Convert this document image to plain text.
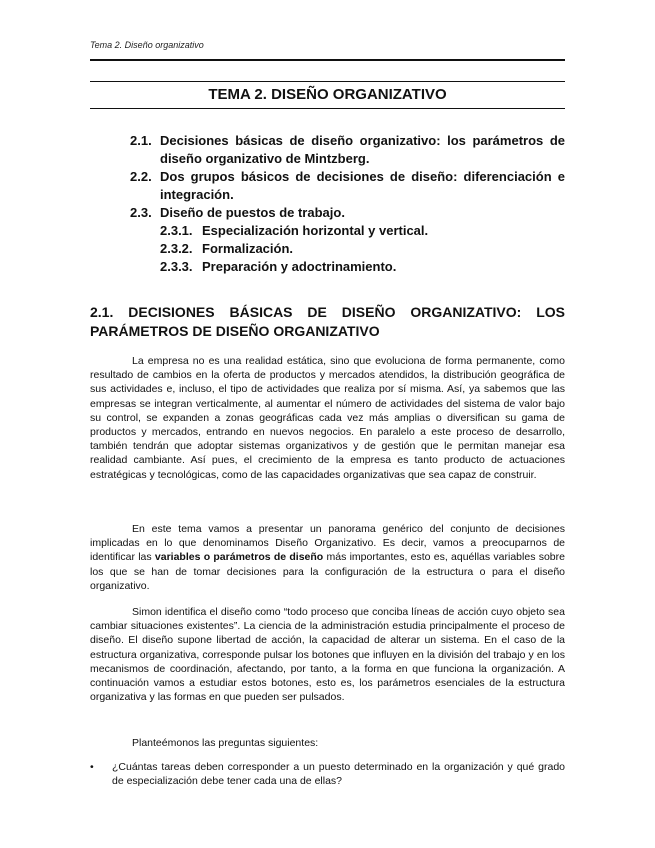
Tema 2. Diseño organizativo
TEMA 2. DISEÑO ORGANIZATIVO
2.1. Decisiones básicas de diseño organizativo: los parámetros de diseño organizativo de Mintzberg.
2.2. Dos grupos básicos de decisiones de diseño: diferenciación e integración.
2.3. Diseño de puestos de trabajo.
2.3.1. Especialización horizontal y vertical.
2.3.2. Formalización.
2.3.3. Preparación y adoctrinamiento.
2.1. DECISIONES BÁSICAS DE DISEÑO ORGANIZATIVO: LOS PARÁMETROS DE DISEÑO ORGANIZATIVO

La empresa no es una realidad estática, sino que evoluciona de forma permanente, como resultado de cambios en la oferta de productos y mercados atendidos, la distribución geográfica de sus actividades e, incluso, el tipo de actividades que realiza por sí misma. Así, ya sabemos que las empresas se integran verticalmente, al aumentar el número de actividades del sistema de valor bajo su control, se expanden a zonas geográficas cada vez más amplias o diversifican su gama de productos y mercados, entrando en nuevos negocios. En paralelo a este proceso de desarrollo, también tendrán que adoptar sistemas organizativos y de gestión que le permitan manejar esa realidad cambiante. Así pues, el crecimiento de la empresa es tanto producto de actuaciones estratégicas y tecnológicas, como de las capacidades organizativas que sea capaz de construir.

En este tema vamos a presentar un panorama genérico del conjunto de decisiones implicadas en lo que denominamos Diseño Organizativo. Es decir, vamos a preocuparnos de identificar las variables o parámetros de diseño más importantes, esto es, aquéllas variables sobre los que se han de tomar decisiones para la configuración de la estructura o para el diseño organizativo.

Simon identifica el diseño como “todo proceso que conciba líneas de acción cuyo objeto sea cambiar situaciones existentes”. La ciencia de la administración estudia principalmente el proceso de diseño. El diseño supone libertad de acción, la capacidad de alterar un sistema. En el caso de la estructura organizativa, corresponde pulsar los botones que influyen en la división del trabajo y en los mecanismos de coordinación, afectando, por tanto, a la forma en que funciona la organización. A continuación vamos a estudiar estos botones, esto es, los parámetros esenciales de la estructura organizativa y las formas en que pueden ser pulsados.

Planteémonos las preguntas siguientes:

•	¿Cuántas tareas deben corresponder a un puesto determinado en la organización y qué grado de especialización debe tener cada una de ellas?
